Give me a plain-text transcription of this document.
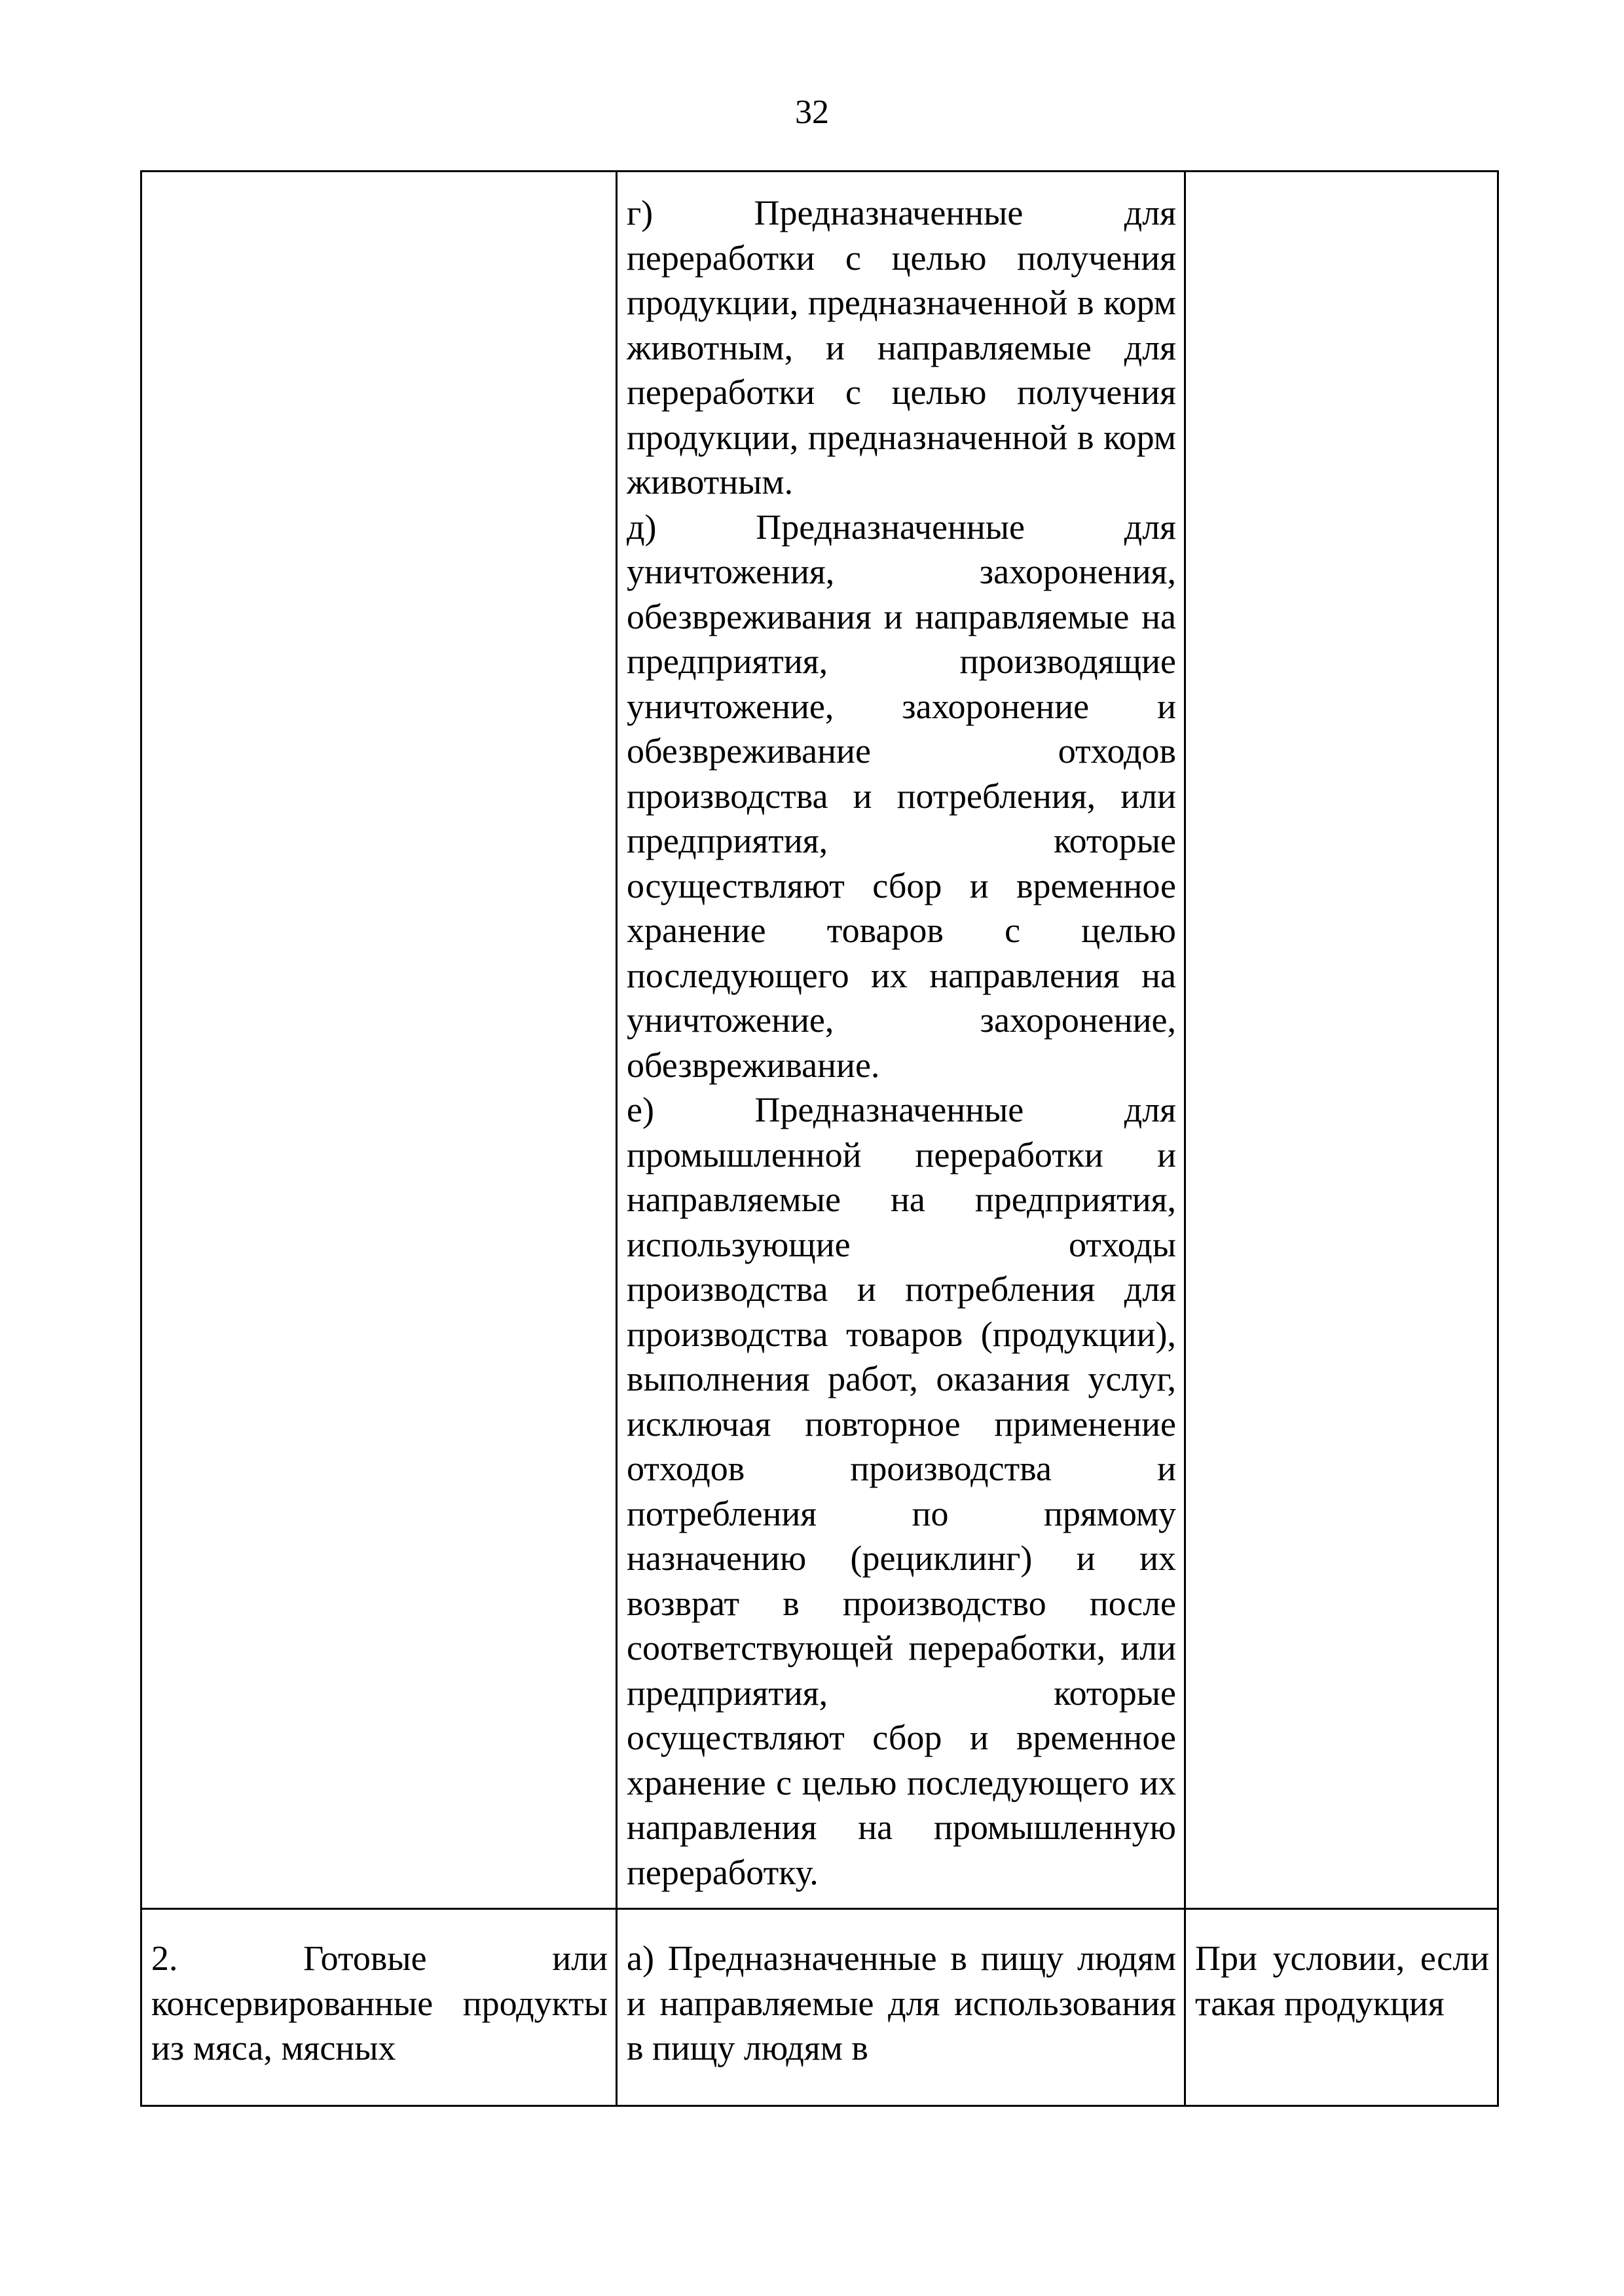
32

	г) Предназначенные для переработки с целью получения продукции, предназначенной в корм животным, и направляемые для переработки с целью получения продукции, предназначенной в корм животным.

д) Предназначенные для уничтожения, захоронения, обезвреживания и направляемые на предприятия, производящие уничтожение, захоронение и обезвреживание отходов производства и потребления, или предприятия, которые осуществляют сбор и временное хранение товаров с целью последующего их направления на уничтожение, захоронение, обезвреживание.

е) Предназначенные для промышленной переработки и направляемые на предприятия, использующие отходы производства и потребления для производства товаров (продукции), выполнения работ, оказания услуг, исключая повторное применение отходов производства и потребления по прямому назначению (рециклинг) и их возврат в производство после соответствующей переработки, или предприятия, которые осуществляют сбор и временное хранение с целью последующего их направления на промышленную переработку.	

2. Готовые или консервированные продукты из мяса, мясных	а) Предназначенные в пищу людям и направляемые для использования в пищу людям в	При условии, если такая продукция
